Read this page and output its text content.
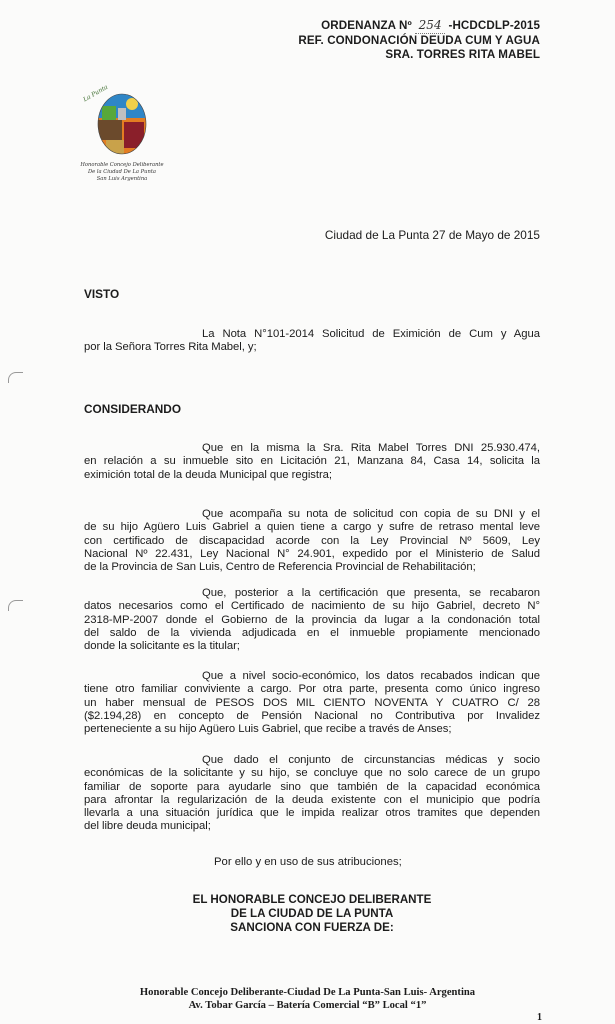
ORDENANZA Nº 254 -HCDCDLP-2015
REF. CONDONACIÓN DEUDA CUM Y AGUA
SRA. TORRES RITA MABEL
La Punta
Honorable Concejo Deliberante
De la Ciudad De La Punta
San Luis Argentina
Ciudad de La Punta 27 de Mayo de 2015
VISTO
La Nota N°101-2014 Solicitud de Eximición de Cum y Agua
por la Señora Torres Rita Mabel, y;
CONSIDERANDO
Que en la misma la Sra. Rita Mabel Torres DNI 25.930.474,
en relación a su inmueble sito en Licitación 21, Manzana 84, Casa 14, solicita la
eximición total de la deuda Municipal que registra;
Que acompaña su nota de solicitud con copia de su DNI y el
de su hijo Agüero Luis Gabriel a quien tiene a cargo y sufre de retraso mental leve
con certificado de discapacidad acorde con la Ley Provincial Nº 5609, Ley
Nacional Nº 22.431, Ley Nacional N° 24.901, expedido por el Ministerio de Salud
de la Provincia de San Luis, Centro de Referencia Provincial de Rehabilitación;
Que, posterior a la certificación que presenta, se recabaron
datos necesarios como el Certificado de nacimiento de su hijo Gabriel, decreto N°
2318-MP-2007 donde el Gobierno de la provincia da lugar a la condonación total
del saldo de la vivienda adjudicada en el inmueble propiamente mencionado
donde la solicitante es la titular;
Que a nivel socio-económico, los datos recabados indican que
tiene otro familiar conviviente a cargo. Por otra parte, presenta como único ingreso
un haber mensual de PESOS DOS MIL CIENTO NOVENTA Y CUATRO C/ 28
($2.194,28) en concepto de Pensión Nacional no Contributiva por Invalidez
perteneciente a su hijo Agüero Luis Gabriel, que recibe a través de Anses;
Que dado el conjunto de circunstancias médicas y socio
económicas de la solicitante y su hijo, se concluye que no solo carece de un grupo
familiar de soporte para ayudarle sino que también de la capacidad económica
para afrontar la regularización de la deuda existente con el municipio que podría
llevarla a una situación jurídica que le impida realizar otros tramites que dependen
del libre deuda municipal;
Por ello y en uso de sus atribuciones;
EL HONORABLE CONCEJO DELIBERANTE
DE LA CIUDAD DE LA PUNTA
SANCIONA CON FUERZA DE:
Honorable Concejo Deliberante-Ciudad De La Punta-San Luis- Argentina
Av. Tobar García – Batería Comercial “B” Local “1”
1
